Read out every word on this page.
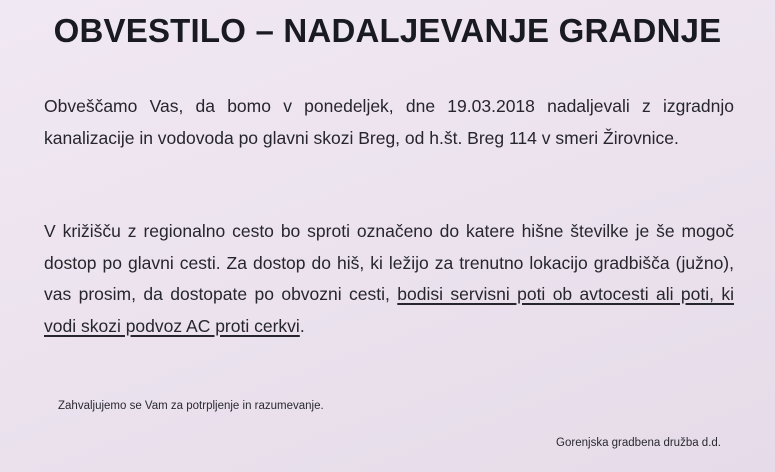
OBVESTILO – NADALJEVANJE GRADNJE
Obveščamo Vas, da bomo v ponedeljek, dne 19.03.2018 nadaljevali z izgradnjo kanalizacije in vodovoda po glavni skozi Breg, od h.št. Breg 114 v smeri Žirovnice.
V križišču z regionalno cesto bo sproti označeno do katere hišne številke je še mogoč dostop po glavni cesti. Za dostop do hiš, ki ležijo za trenutno lokacijo gradbišča (južno), vas prosim, da dostopate po obvozni cesti, bodisi servisni poti ob avtocesti ali poti, ki vodi skozi podvoz AC proti cerkvi.
Zahvaljujemo se Vam za potrpljenje in razumevanje.
Gorenjska gradbena družba d.d.
